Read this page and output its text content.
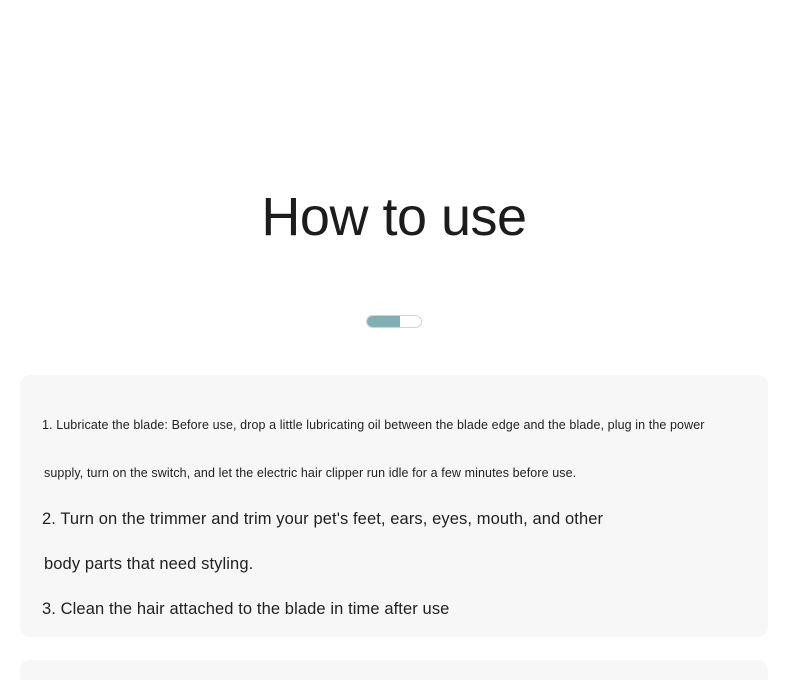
How to use
1. Lubricate the blade: Before use, drop a little lubricating oil between the blade edge and the blade, plug in the power
supply, turn on the switch, and let the electric hair clipper run idle for a few minutes before use.
2. Turn on the trimmer and trim your pet's feet, ears, eyes, mouth, and other
body parts that need styling.
3. Clean the hair attached to the blade in time after use
